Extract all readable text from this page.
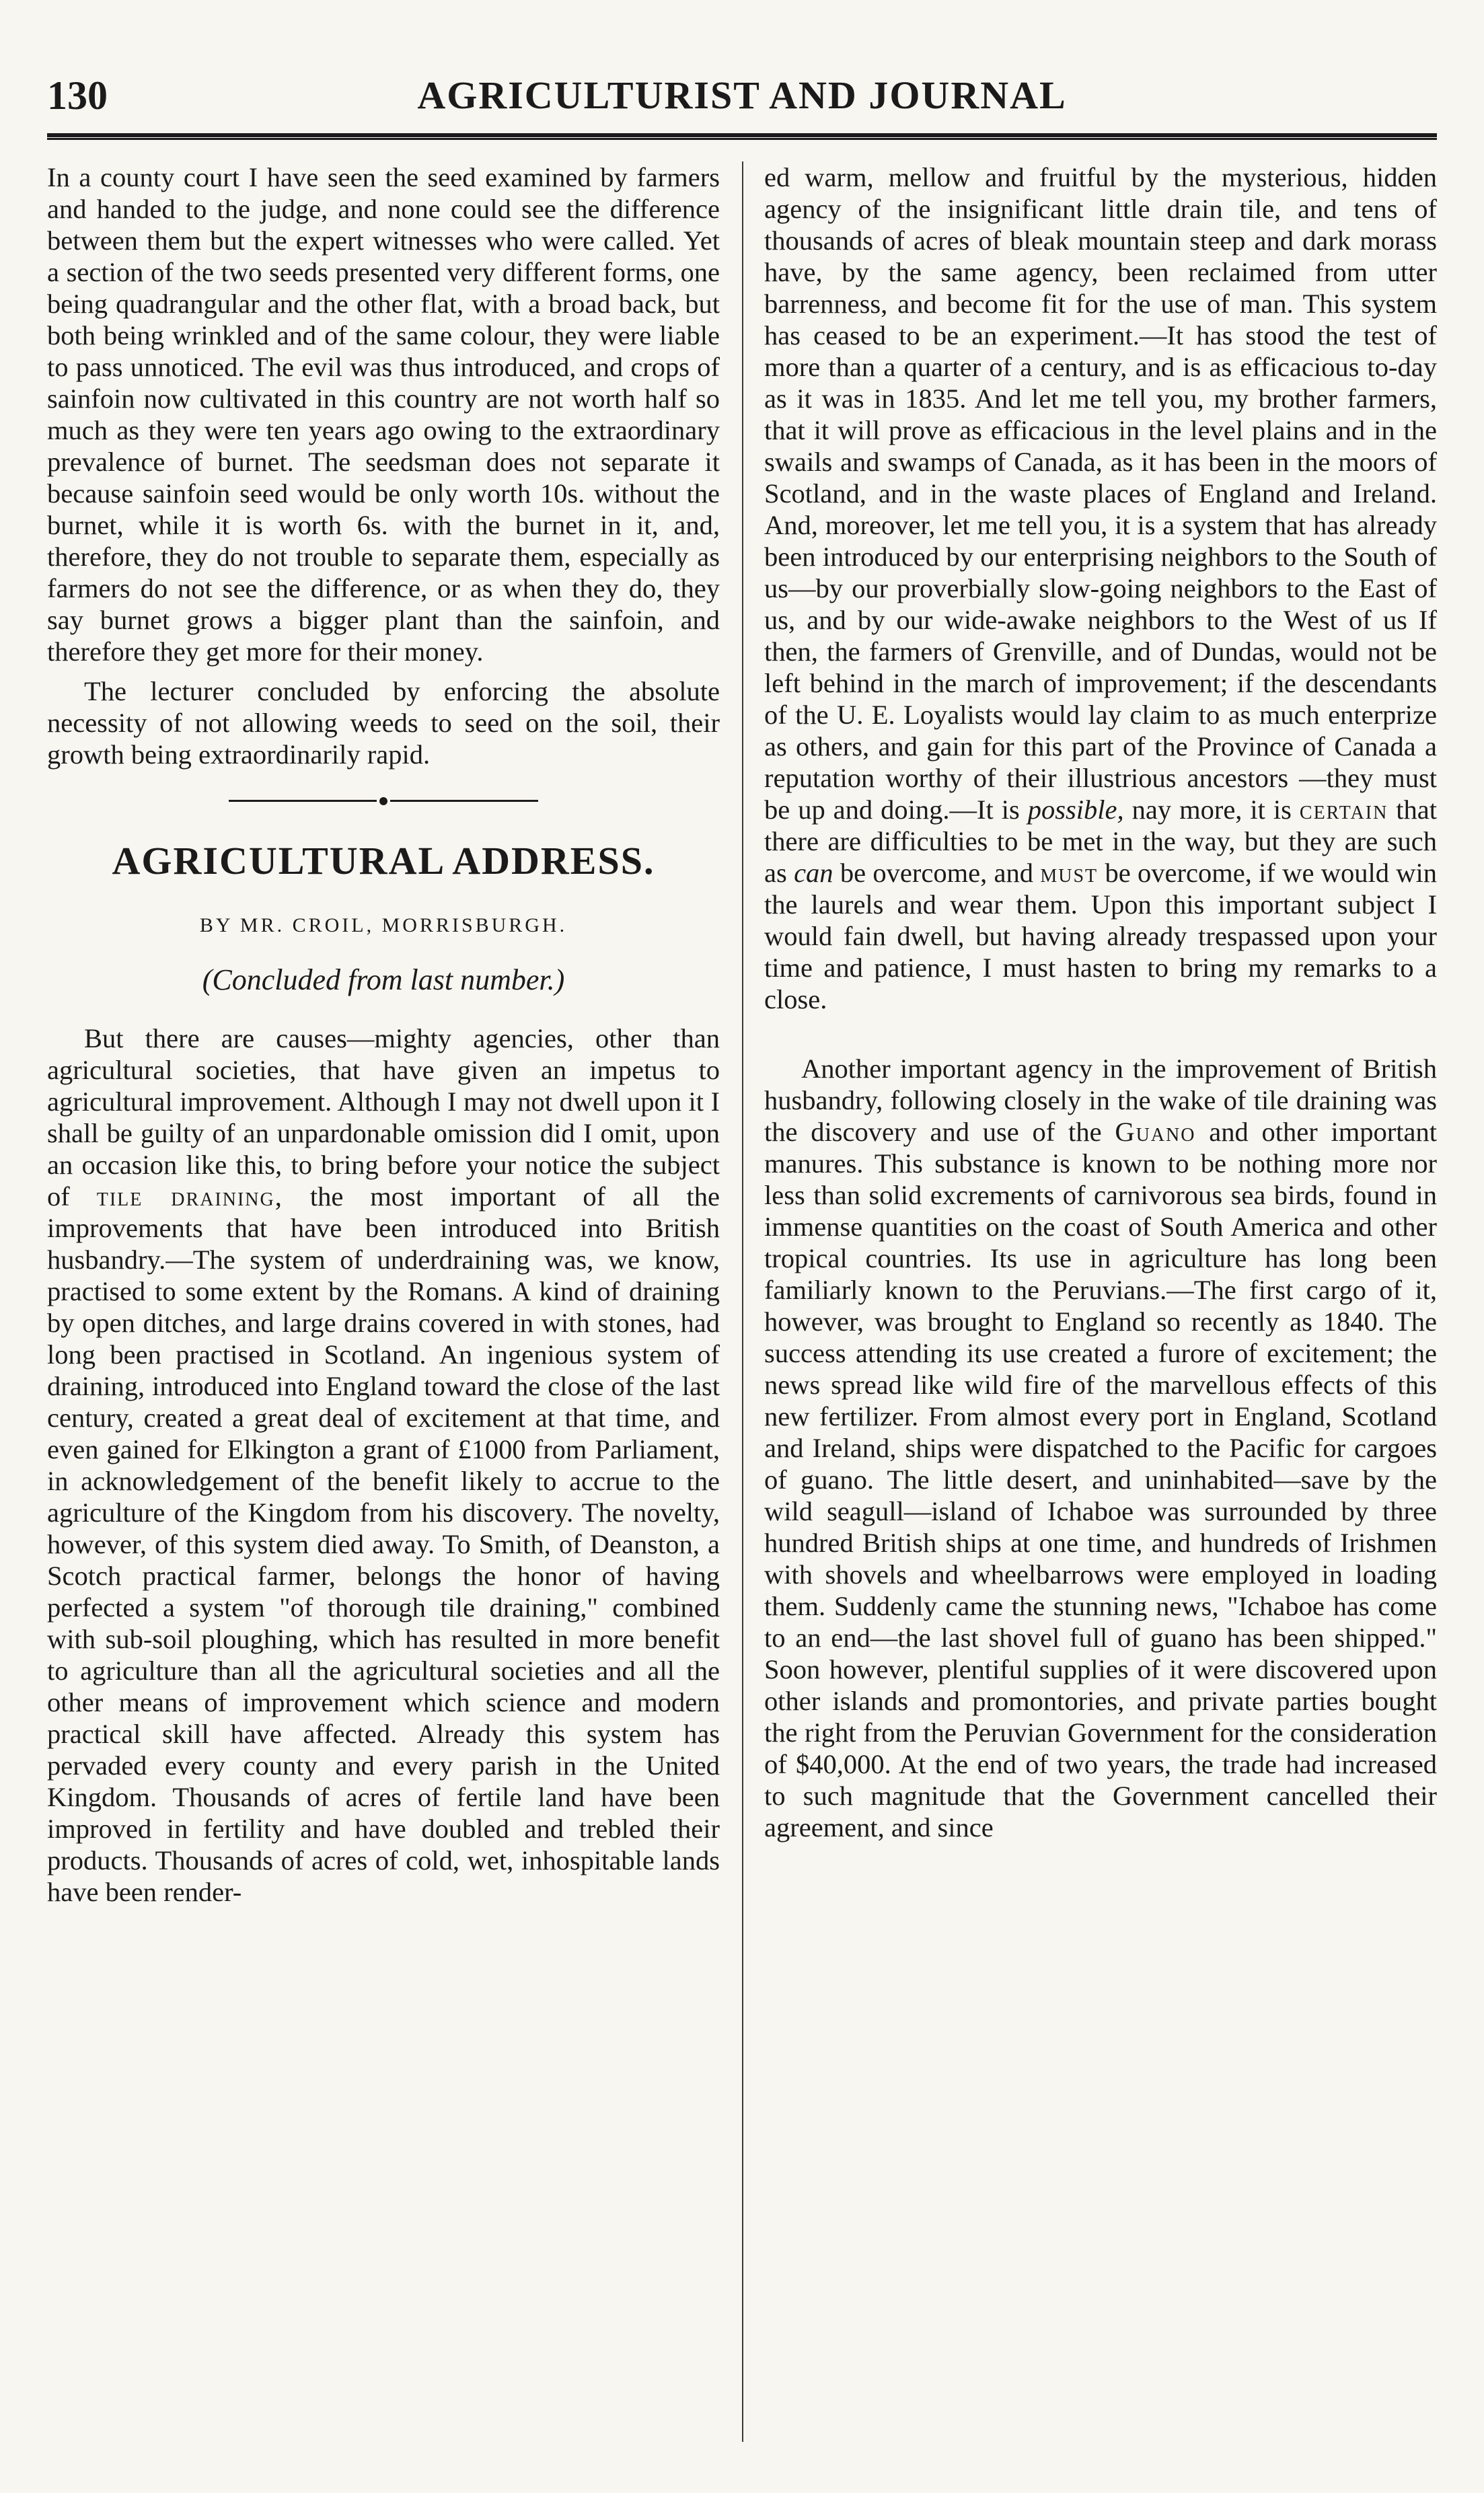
130	AGRICULTURIST AND JOURNAL

In a county court I have seen the seed examined by farmers and handed to the judge, and none could see the difference between them but the expert witnesses who were called. Yet a section of the two seeds presented very different forms, one being quadrangular and the other flat, with a broad back, but both being wrinkled and of the same colour, they were liable to pass unnoticed. The evil was thus introduced, and crops of sainfoin now cultivated in this country are not worth half so much as they were ten years ago owing to the extraordinary prevalence of burnet. The seedsman does not separate it because sainfoin seed would be only worth 10s. without the burnet, while it is worth 6s. with the burnet in it, and, therefore, they do not trouble to separate them, especially as farmers do not see the difference, or as when they do, they say burnet grows a bigger plant than the sainfoin, and therefore they get more for their money.

The lecturer concluded by enforcing the absolute necessity of not allowing weeds to seed on the soil, their growth being extraordinarily rapid.

AGRICULTURAL ADDRESS.
BY MR. CROIL, MORRISBURGH.
(Concluded from last number.)

But there are causes—mighty agencies, other than agricultural societies, that have given an impetus to agricultural improvement. Although I may not dwell upon it I shall be guilty of an unpardonable omission did I omit, upon an occasion like this, to bring before your notice the subject of tile draining, the most important of all the improvements that have been introduced into British husbandry.—The system of underdraining was, we know, practised to some extent by the Romans. A kind of draining by open ditches, and large drains covered in with stones, had long been practised in Scotland. An ingenious system of draining, introduced into England toward the close of the last century, created a great deal of excitement at that time, and even gained for Elkington a grant of £1000 from Parliament, in acknowledgement of the benefit likely to accrue to the agriculture of the Kingdom from his discovery. The novelty, however, of this system died away. To Smith, of Deanston, a Scotch practical farmer, belongs the honor of having perfected a system "of thorough tile draining," combined with sub-soil ploughing, which has resulted in more benefit to agriculture than all the agricultural societies and all the other means of improvement which science and modern practical skill have affected. Already this system has pervaded every county and every parish in the United Kingdom. Thousands of acres of fertile land have been improved in fertility and have doubled and trebled their products. Thousands of acres of cold, wet, inhospitable lands have been render-

ed warm, mellow and fruitful by the mysterious, hidden agency of the insignificant little drain tile, and tens of thousands of acres of bleak mountain steep and dark morass have, by the same agency, been reclaimed from utter barrenness, and become fit for the use of man. This system has ceased to be an experiment.—It has stood the test of more than a quarter of a century, and is as efficacious to-day as it was in 1835. And let me tell you, my brother farmers, that it will prove as efficacious in the level plains and in the swails and swamps of Canada, as it has been in the moors of Scotland, and in the waste places of England and Ireland. And, moreover, let me tell you, it is a system that has already been introduced by our enterprising neighbors to the South of us—by our proverbially slow-going neighbors to the East of us, and by our wide-awake neighbors to the West of us If then, the farmers of Grenville, and of Dundas, would not be left behind in the march of improvement; if the descendants of the U. E. Loyalists would lay claim to as much enterprize as others, and gain for this part of the Province of Canada a reputation worthy of their illustrious ancestors —they must be up and doing.—It is possible, nay more, it is certain that there are difficulties to be met in the way, but they are such as can be overcome, and must be overcome, if we would win the laurels and wear them. Upon this important subject I would fain dwell, but having already trespassed upon your time and patience, I must hasten to bring my remarks to a close.

Another important agency in the improvement of British husbandry, following closely in the wake of tile draining was the discovery and use of the Guano and other important manures. This substance is known to be nothing more nor less than solid excrements of carnivorous sea birds, found in immense quantities on the coast of South America and other tropical countries. Its use in agriculture has long been familiarly known to the Peruvians.—The first cargo of it, however, was brought to England so recently as 1840. The success attending its use created a furore of excitement; the news spread like wild fire of the marvellous effects of this new fertilizer. From almost every port in England, Scotland and Ireland, ships were dispatched to the Pacific for cargoes of guano. The little desert, and uninhabited—save by the wild seagull—island of Ichaboe was surrounded by three hundred British ships at one time, and hundreds of Irishmen with shovels and wheelbarrows were employed in loading them. Suddenly came the stunning news, "Ichaboe has come to an end—the last shovel full of guano has been shipped." Soon however, plentiful supplies of it were discovered upon other islands and promontories, and private parties bought the right from the Peruvian Government for the consideration of $40,000. At the end of two years, the trade had increased to such magnitude that the Government cancelled their agreement, and since
